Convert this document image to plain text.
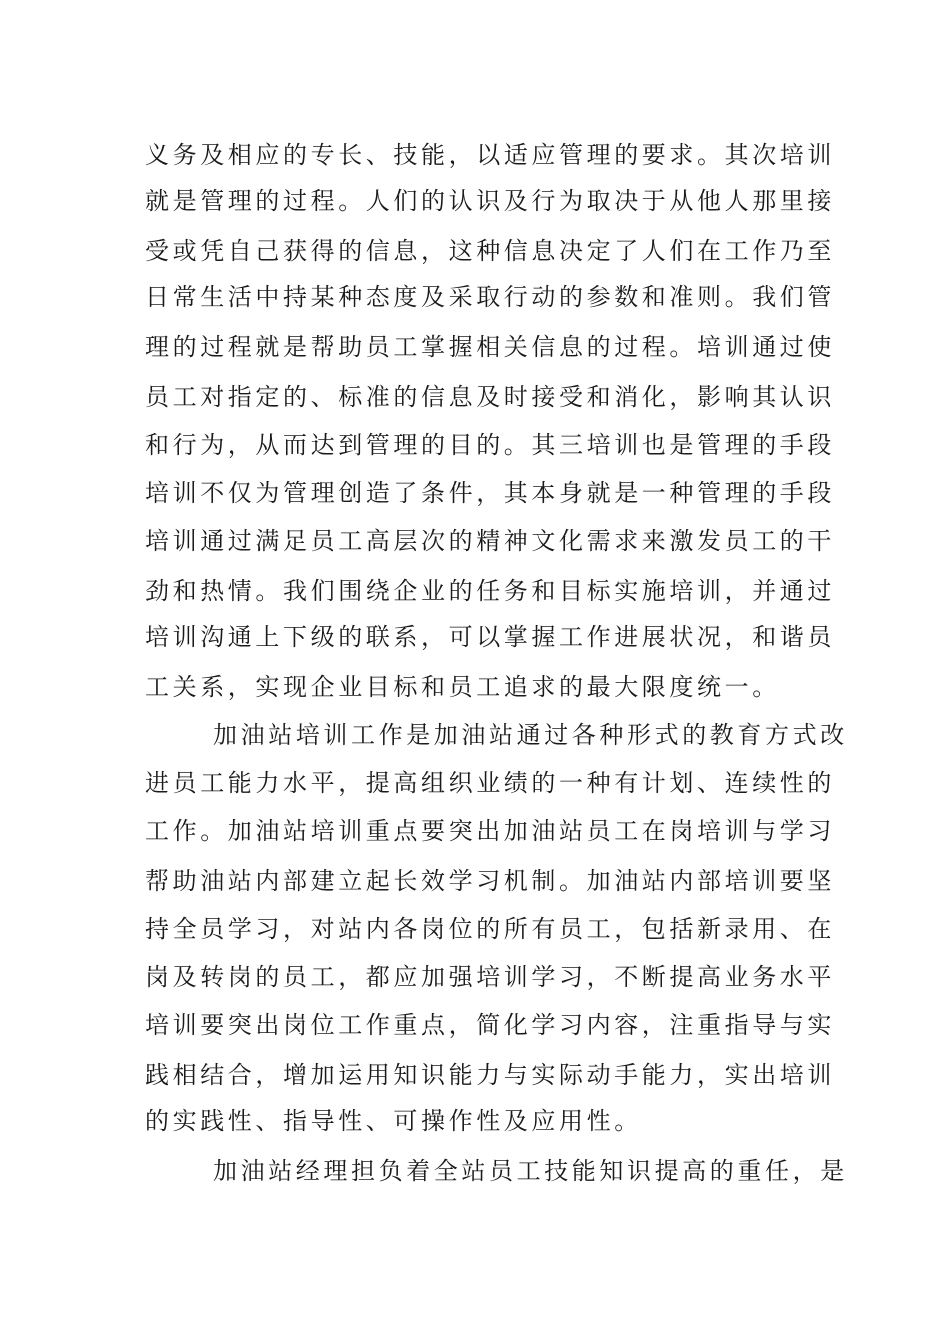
义务及相应的专长、技能，以适应管理的要求。其次培训
就是管理的过程。人们的认识及行为取决于从他人那里接
受或凭自己获得的信息，这种信息决定了人们在工作乃至
日常生活中持某种态度及采取行动的参数和准则。我们管
理的过程就是帮助员工掌握相关信息的过程。培训通过使
员工对指定的、标准的信息及时接受和消化，影响其认识
和行为，从而达到管理的目的。其三培训也是管理的手段
培训不仅为管理创造了条件，其本身就是一种管理的手段
培训通过满足员工高层次的精神文化需求来激发员工的干
劲和热情。我们围绕企业的任务和目标实施培训，并通过
培训沟通上下级的联系，可以掌握工作进展状况，和谐员
工关系，实现企业目标和员工追求的最大限度统一。
加油站培训工作是加油站通过各种形式的教育方式改
进员工能力水平，提高组织业绩的一种有计划、连续性的
工作。加油站培训重点要突出加油站员工在岗培训与学习
帮助油站内部建立起长效学习机制。加油站内部培训要坚
持全员学习，对站内各岗位的所有员工，包括新录用、在
岗及转岗的员工，都应加强培训学习，不断提高业务水平
培训要突出岗位工作重点，简化学习内容，注重指导与实
践相结合，增加运用知识能力与实际动手能力，实出培训
的实践性、指导性、可操作性及应用性。
加油站经理担负着全站员工技能知识提高的重任，是
